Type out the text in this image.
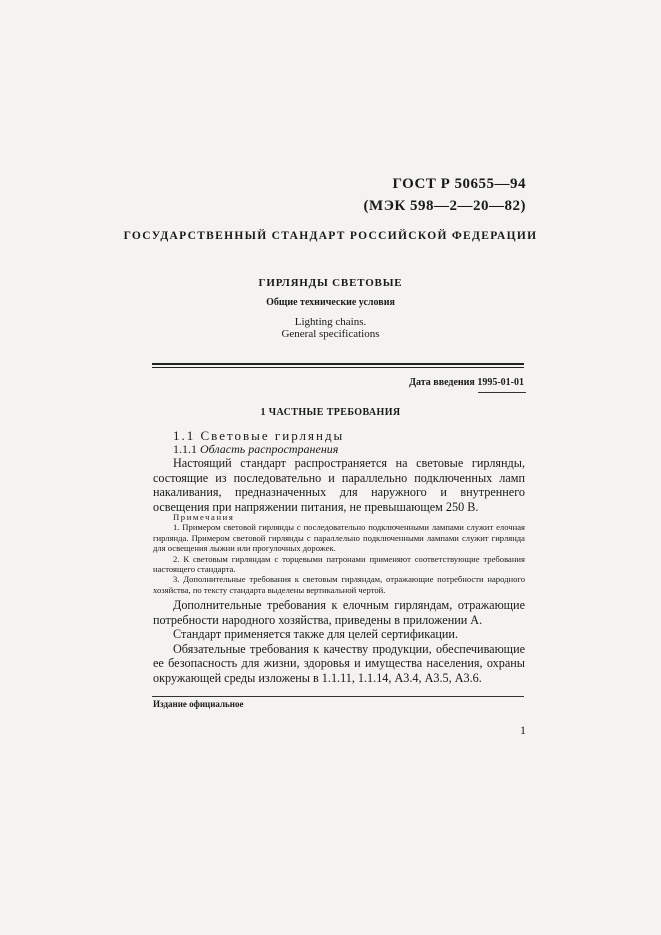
ГОСТ Р 50655—94
(МЭК 598—2—20—82)
ГОСУДАРСТВЕННЫЙ СТАНДАРТ РОССИЙСКОЙ ФЕДЕРАЦИИ
ГИРЛЯНДЫ СВЕТОВЫЕ
Общие технические условия
Lighting chains.
General specifications
Дата введения 1995-01-01
1 ЧАСТНЫЕ ТРЕБОВАНИЯ
1.1 Световые гирлянды
1.1.1 Область распространения

Настоящий стандарт распространяется на световые гирлянды, состоящие из последовательно и параллельно подключенных ламп накаливания, предназначенных для наружного и внутреннего освещения при напряжении питания, не превышающем 250 В.

Примечания

1. Примером световой гирлянды с последовательно подключенными лампами служит елочная гирлянда. Примером световой гирлянды с параллельно подключенными лампами служит гирлянда для освещения лыжни или прогулочных дорожек.

2. К световым гирляндам с торцевыми патронами применяют соответствующие требования настоящего стандарта.

3. Дополнительные требования к световым гирляндам, отражающие потребности народного хозяйства, по тексту стандарта выделены вертикальной чертой.

Дополнительные требования к елочным гирляндам, отражающие потребности народного хозяйства, приведены в приложении А.

Стандарт применяется также для целей сертификации.

Обязательные требования к качеству продукции, обеспечивающие ее безопасность для жизни, здоровья и имущества населения, охраны окружающей среды изложены в 1.1.11, 1.1.14, А3.4, А3.5, А3.6.

Издание официальное
1
